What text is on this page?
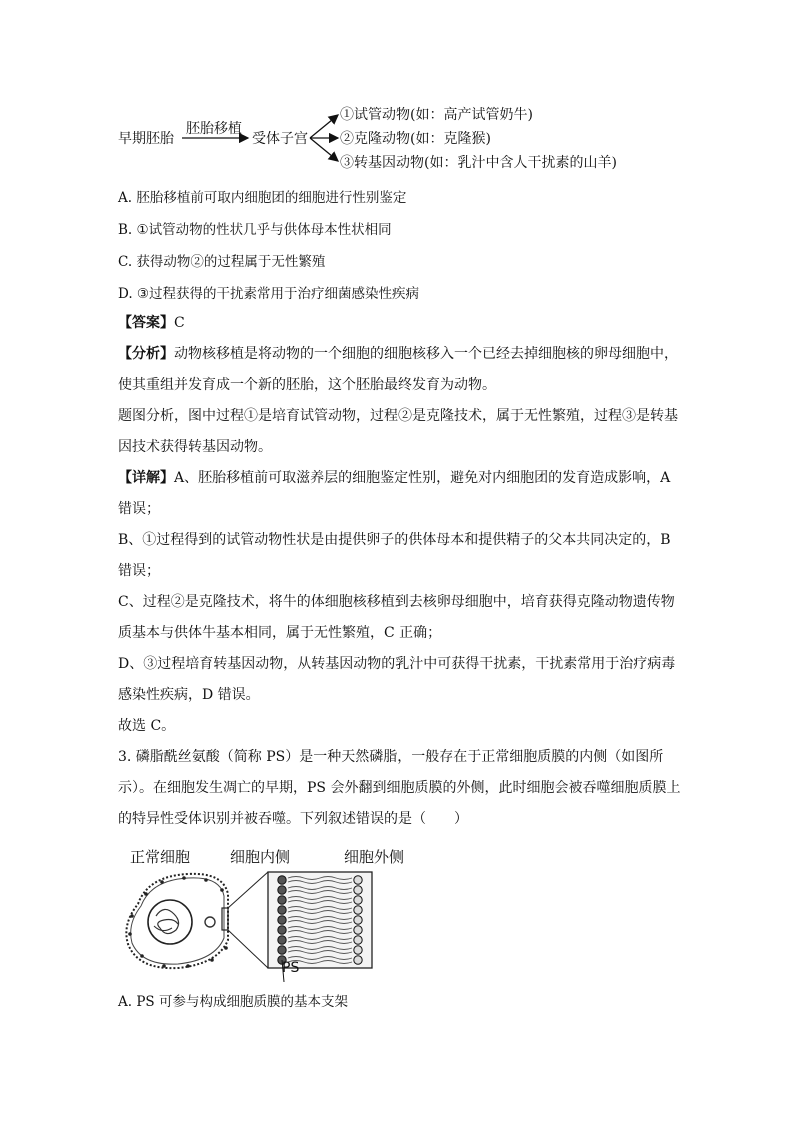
早期胚胎
胚胎移植
受体子宫
①试管动物(如：高产试管奶牛)
②克隆动物(如：克隆猴)
③转基因动物(如：乳汁中含人干扰素的山羊)
A. 胚胎移植前可取内细胞团的细胞进行性别鉴定
B. ①试管动物的性状几乎与供体母本性状相同
C. 获得动物②的过程属于无性繁殖
D. ③过程获得的干扰素常用于治疗细菌感染性疾病
【答案】C
【分析】动物核移植是将动物的一个细胞的细胞核移入一个已经去掉细胞核的卵母细胞中，
使其重组并发育成一个新的胚胎，这个胚胎最终发育为动物。
题图分析，图中过程①是培育试管动物，过程②是克隆技术，属于无性繁殖，过程③是转基
因技术获得转基因动物。
【详解】A、胚胎移植前可取滋养层的细胞鉴定性别，避免对内细胞团的发育造成影响，A
错误；
B、①过程得到的试管动物性状是由提供卵子的供体母本和提供精子的父本共同决定的，B
错误；
C、过程②是克隆技术，将牛的体细胞核移植到去核卵母细胞中，培育获得克隆动物遗传物
质基本与供体牛基本相同，属于无性繁殖，C 正确；
D、③过程培育转基因动物，从转基因动物的乳汁中可获得干扰素，干扰素常用于治疗病毒
感染性疾病，D 错误。
故选 C。
3. 磷脂酰丝氨酸（简称 PS）是一种天然磷脂，一般存在于正常细胞质膜的内侧（如图所
示）。在细胞发生凋亡的早期，PS 会外翻到细胞质膜的外侧，此时细胞会被吞噬细胞质膜上
的特异性受体识别并被吞噬。下列叙述错误的是（　　）
正常细胞	细胞内侧	细胞外侧
PS
A. PS 可参与构成细胞质膜的基本支架
